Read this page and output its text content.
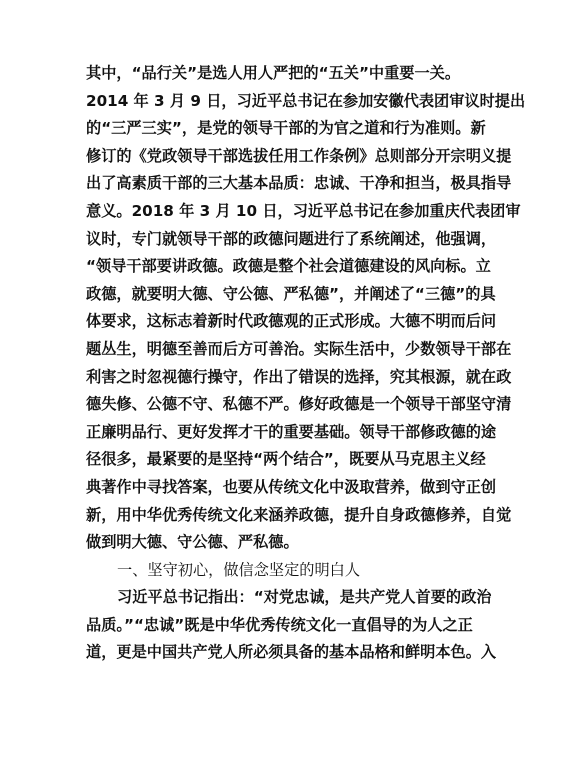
其中，“品行关”是选人用人严把的“五关”中重要一关。
2014 年 3 月 9 日，习近平总书记在参加安徽代表团审议时提出
的“三严三实”，是党的领导干部的为官之道和行为准则。新
修订的《党政领导干部选拔任用工作条例》总则部分开宗明义提
出了高素质干部的三大基本品质：忠诚、干净和担当，极具指导
意义。2018 年 3 月 10 日，习近平总书记在参加重庆代表团审
议时，专门就领导干部的政德问题进行了系统阐述，他强调，
“领导干部要讲政德。政德是整个社会道德建设的风向标。立
政德，就要明大德、守公德、严私德”，并阐述了“三德”的具
体要求，这标志着新时代政德观的正式形成。大德不明而后问
题丛生，明德至善而后方可善治。实际生活中，少数领导干部在
利害之时忽视德行操守，作出了错误的选择，究其根源，就在政
德失修、公德不守、私德不严。修好政德是一个领导干部坚守清
正廉明品行、更好发挥才干的重要基础。领导干部修政德的途
径很多，最紧要的是坚持“两个结合”，既要从马克思主义经
典著作中寻找答案，也要从传统文化中汲取营养，做到守正创
新，用中华优秀传统文化来涵养政德，提升自身政德修养，自觉
做到明大德、守公德、严私德。
一、坚守初心，做信念坚定的明白人
习近平总书记指出：“对党忠诚，是共产党人首要的政治
品质。”“忠诚”既是中华优秀传统文化一直倡导的为人之正
道，更是中国共产党人所必须具备的基本品格和鲜明本色。入
